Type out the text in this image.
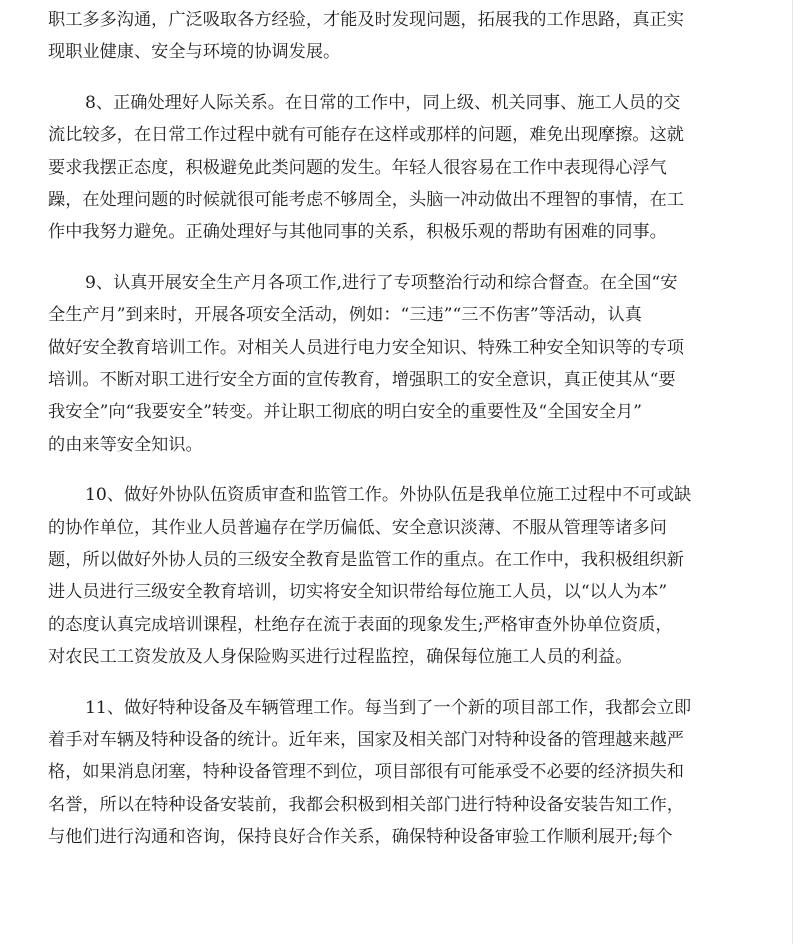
职工多多沟通，广泛吸取各方经验，才能及时发现问题，拓展我的工作思路，真正实
现职业健康、安全与环境的协调发展。

8、正确处理好人际关系。在日常的工作中，同上级、机关同事、施工人员的交
流比较多，在日常工作过程中就有可能存在这样或那样的问题，难免出现摩擦。这就
要求我摆正态度，积极避免此类问题的发生。年轻人很容易在工作中表现得心浮气
躁，在处理问题的时候就很可能考虑不够周全，头脑一冲动做出不理智的事情，在工
作中我努力避免。正确处理好与其他同事的关系，积极乐观的帮助有困难的同事。

9、认真开展安全生产月各项工作,进行了专项整治行动和综合督查。在全国“安
全生产月”到来时，开展各项安全活动，例如：“三违”“三不伤害”等活动，认真
做好安全教育培训工作。对相关人员进行电力安全知识、特殊工种安全知识等的专项
培训。不断对职工进行安全方面的宣传教育，增强职工的安全意识，真正使其从“要
我安全”向“我要安全”转变。并让职工彻底的明白安全的重要性及“全国安全月”
的由来等安全知识。

10、做好外协队伍资质审查和监管工作。外协队伍是我单位施工过程中不可或缺
的协作单位，其作业人员普遍存在学历偏低、安全意识淡薄、不服从管理等诸多问
题，所以做好外协人员的三级安全教育是监管工作的重点。在工作中，我积极组织新
进人员进行三级安全教育培训，切实将安全知识带给每位施工人员，以“以人为本”
的态度认真完成培训课程，杜绝存在流于表面的现象发生;严格审查外协单位资质，
对农民工工资发放及人身保险购买进行过程监控，确保每位施工人员的利益。

11、做好特种设备及车辆管理工作。每当到了一个新的项目部工作，我都会立即
着手对车辆及特种设备的统计。近年来，国家及相关部门对特种设备的管理越来越严
格，如果消息闭塞，特种设备管理不到位，项目部很有可能承受不必要的经济损失和
名誉，所以在特种设备安装前，我都会积极到相关部门进行特种设备安装告知工作，
与他们进行沟通和咨询，保持良好合作关系，确保特种设备审验工作顺利展开;每个
